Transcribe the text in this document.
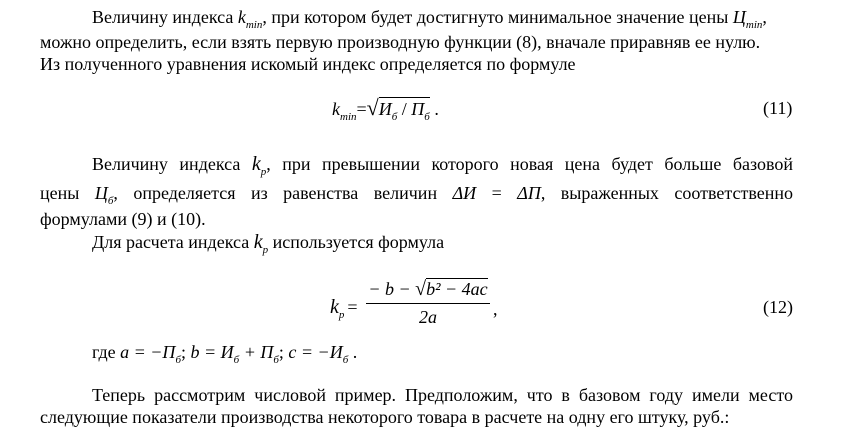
Величину индекса $k_{min}$, при котором будет достигнуто минимальное значение цены $Ц_{min}$,
можно определить, если взять первую производную функции (8), вначале приравняв ее нулю.
Из полученного уравнения искомый индекс определяется по формуле
$k_{min}=√И_б / П_б$ .	(11)
Величину индекса $k_p$, при превышении которого новая цена будет больше базовой
цены $Ц_б$, определяется из равенства величин ΔИ = ΔП, выраженных соответственно
формулами (9) и (10).
Для расчета индекса $k_p$ используется формула
$k_p$ =
− b − √b² − 4ac
2a	,	(12)
где $a = -П_б$; $b = И_б + П_б$; $c = -И_б$ .
Теперь рассмотрим числовой пример. Предположим, что в базовом году имели место
следующие показатели производства некоторого товара в расчете на одну его штуку, руб.:
